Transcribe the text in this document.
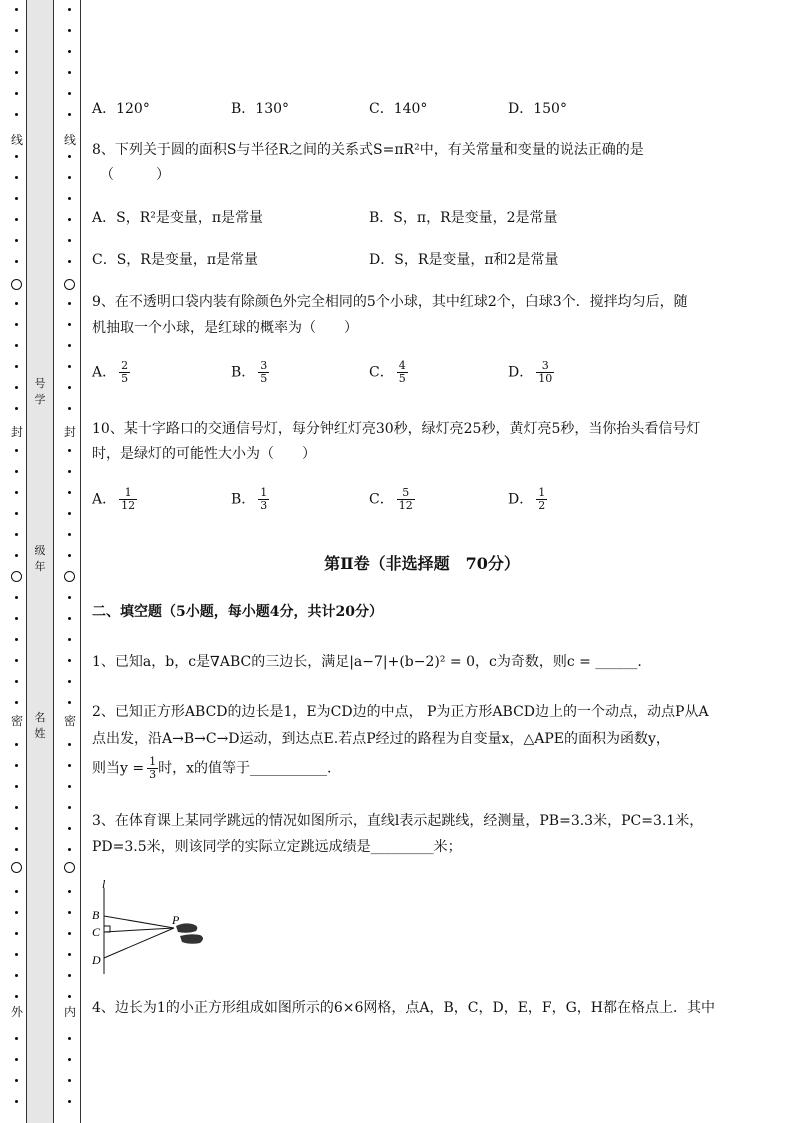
线
封
密
外
线
封
密
内
号
学
级
年
名
姓
A．120°	B．130°	C．140°	D．150°
8、下列关于圆的面积S与半径R之间的关系式S=πR²中，有关常量和变量的说法正确的是
（　　　）
A．S，R²是变量，π是常量	B．S，π，R是变量，2是常量
C．S，R是变量，π是常量	D．S，R是变量，π和2是常量
9、在不透明口袋内装有除颜色外完全相同的5个小球，其中红球2个，白球3个．搅拌均匀后，随
机抽取一个小球，是红球的概率为（　　）
A． $\frac{2}{5}$	B． $\frac{3}{5}$	C． $\frac{4}{5}$	D． $\frac{3}{10}$
10、某十字路口的交通信号灯，每分钟红灯亮30秒，绿灯亮25秒，黄灯亮5秒，当你抬头看信号灯
时，是绿灯的可能性大小为（　　）
A． $\frac{1}{12}$	B． $\frac{1}{3}$	C． $\frac{5}{12}$	D． $\frac{1}{2}$
第Ⅱ卷（非选择题　70分）
二、填空题（5小题，每小题4分，共计20分）
1、已知a，b，c是∇ABC的三边长，满足|a−7|+(b−2)² = 0，c为奇数，则c = ______.
2、已知正方形ABCD的边长是1，E为CD边的中点， P为正方形ABCD边上的一个动点，动点P从A
点出发，沿A→B→C→D运动，到达点E.若点P经过的路程为自变量x，△APE的面积为函数y，
则当$y = \frac{1}{3}$ 时，x的值等于___________.
3、在体育课上某同学跳远的情况如图所示，直线l表示起跳线，经测量，PB=3.3米，PC=3.1米，
PD=3.5米，则该同学的实际立定跳远成绩是_________米；
4、边长为1的小正方形组成如图所示的6×6网格，点A，B，C，D，E，F，G，H都在格点上．其中
l
B
C
D
P
